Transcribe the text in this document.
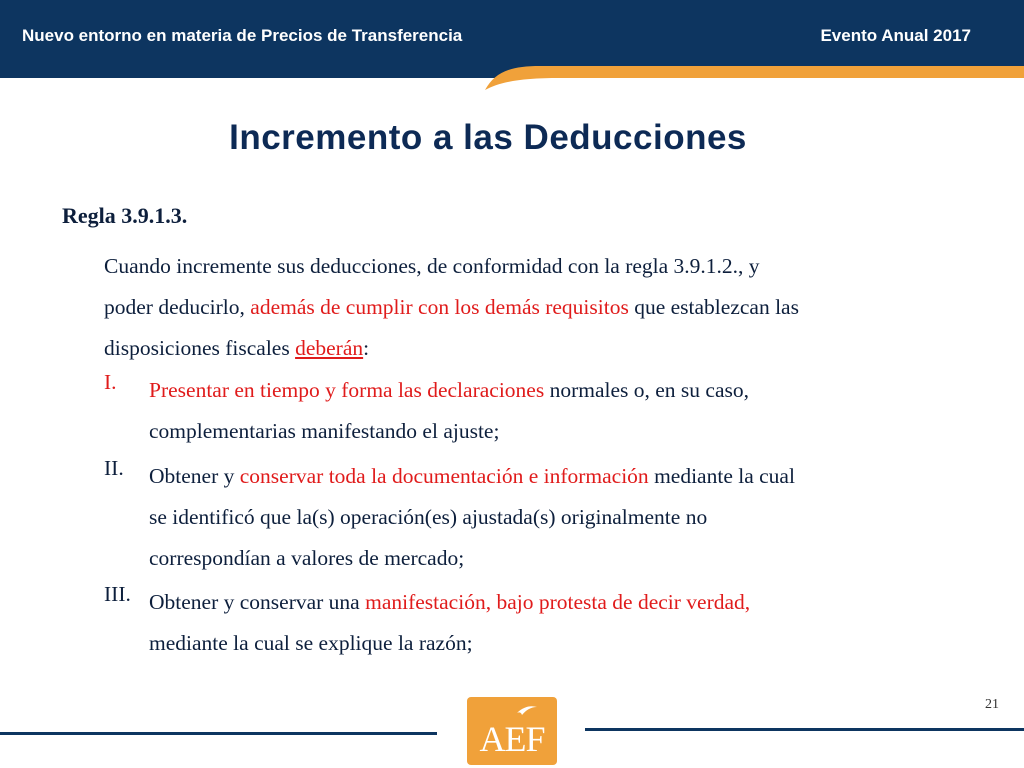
Nuevo entorno en materia de Precios de Transferencia	Evento Anual 2017
Incremento a las Deducciones
Regla 3.9.1.3.
Cuando incremente sus deducciones, de conformidad con la regla 3.9.1.2., y
poder deducirlo, además de cumplir con los demás requisitos que establezcan las
disposiciones fiscales deberán:
I. Presentar en tiempo y forma las declaraciones normales o, en su caso,
complementarias manifestando el ajuste;
II. Obtener y conservar toda la documentación e información mediante la cual
se identificó que la(s) operación(es) ajustada(s) originalmente no
correspondían a valores de mercado;
III. Obtener y conservar una manifestación, bajo protesta de decir verdad,
mediante la cual se explique la razón;
21
AEF
